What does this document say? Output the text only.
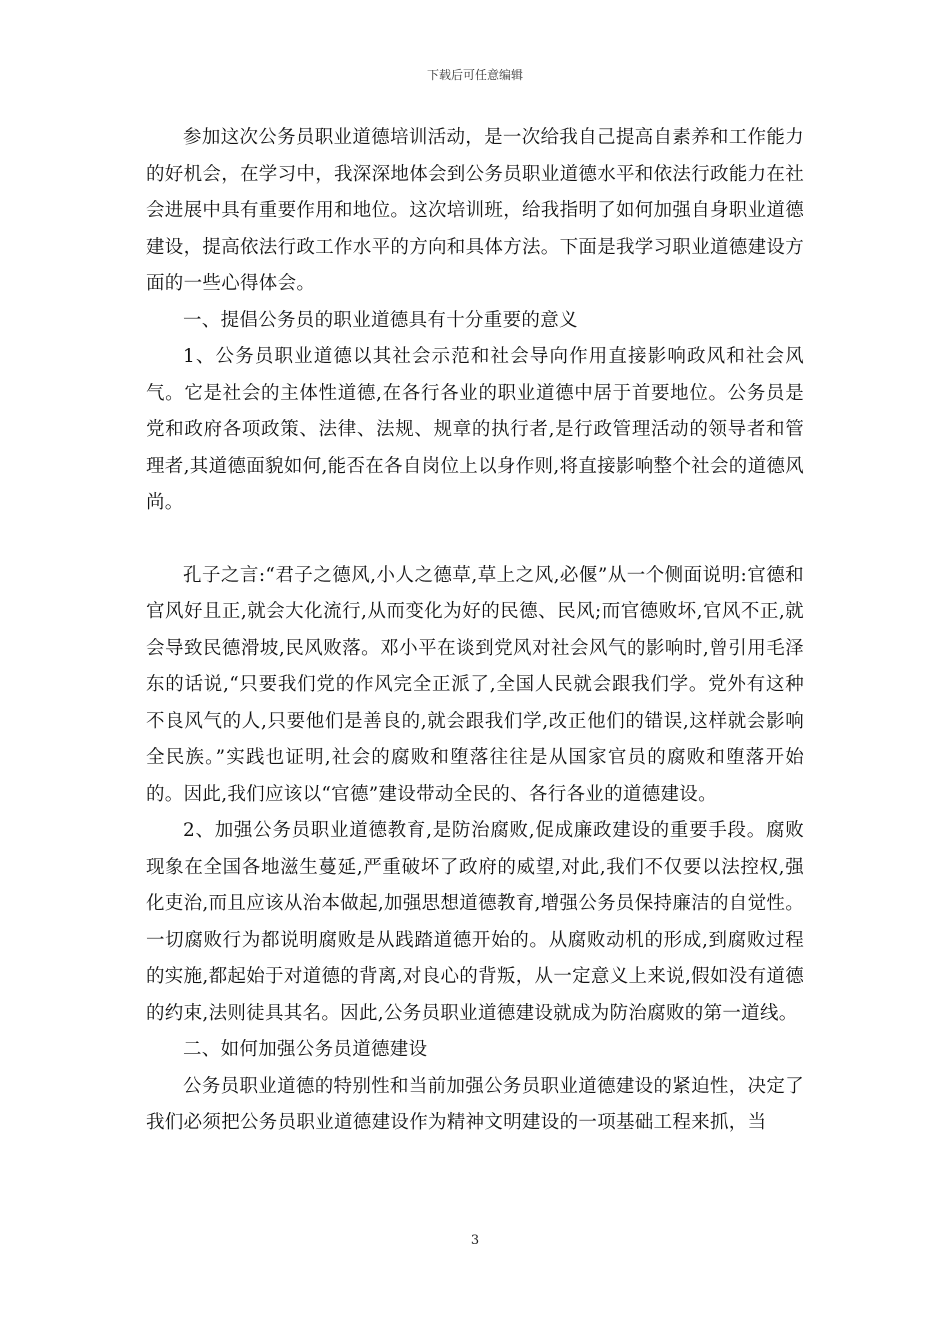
下载后可任意编辑

参加这次公务员职业道德培训活动，是一次给我自己提高自素养和工作能力的好机会，在学习中，我深深地体会到公务员职业道德水平和依法行政能力在社会进展中具有重要作用和地位。这次培训班，给我指明了如何加强自身职业道德建设，提高依法行政工作水平的方向和具体方法。下面是我学习职业道德建设方面的一些心得体会。

一、提倡公务员的职业道德具有十分重要的意义

1、公务员职业道德以其社会示范和社会导向作用直接影响政风和社会风气。它是社会的主体性道德,在各行各业的职业道德中居于首要地位。公务员是党和政府各项政策、法律、法规、规章的执行者,是行政管理活动的领导者和管理者,其道德面貌如何,能否在各自岗位上以身作则,将直接影响整个社会的道德风尚。

孔子之言:“君子之德风,小人之德草,草上之风,必偃”从一个侧面说明:官德和官风好且正,就会大化流行,从而变化为好的民德、民风;而官德败坏,官风不正,就会导致民德滑坡,民风败落。邓小平在谈到党风对社会风气的影响时,曾引用毛泽东的话说,“只要我们党的作风完全正派了,全国人民就会跟我们学。党外有这种不良风气的人,只要他们是善良的,就会跟我们学,改正他们的错误,这样就会影响全民族。”实践也证明,社会的腐败和堕落往往是从国家官员的腐败和堕落开始的。因此,我们应该以“官德”建设带动全民的、各行各业的道德建设。

2、加强公务员职业道德教育,是防治腐败,促成廉政建设的重要手段。腐败现象在全国各地滋生蔓延,严重破坏了政府的威望,对此,我们不仅要以法控权,强化吏治,而且应该从治本做起,加强思想道德教育,增强公务员保持廉洁的自觉性。一切腐败行为都说明腐败是从践踏道德开始的。从腐败动机的形成,到腐败过程的实施,都起始于对道德的背离,对良心的背叛，从一定意义上来说,假如没有道德的约束,法则徒具其名。因此,公务员职业道德建设就成为防治腐败的第一道线。

二、如何加强公务员道德建设

公务员职业道德的特别性和当前加强公务员职业道德建设的紧迫性，决定了我们必须把公务员职业道德建设作为精神文明建设的一项基础工程来抓，当

3
